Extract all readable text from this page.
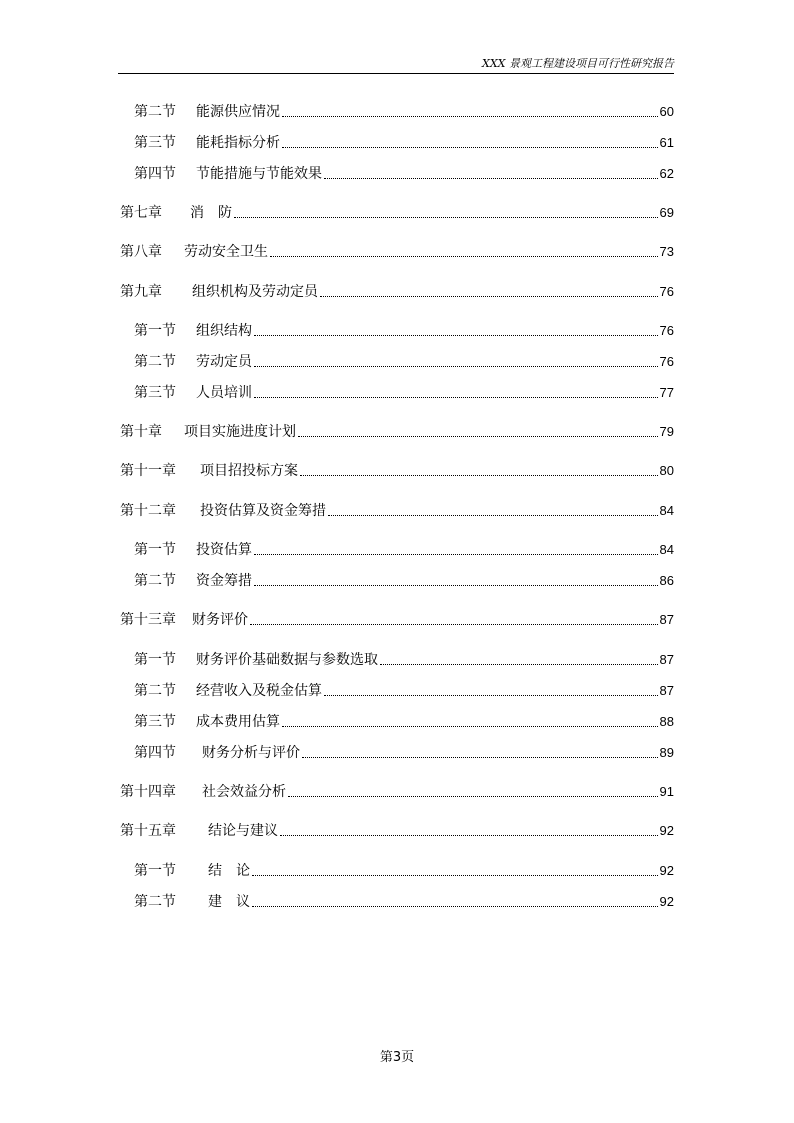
XXX 景观工程建设项目可行性研究报告
第二节	能源供应情况	60
第三节	能耗指标分析	61
第四节	节能措施与节能效果	62
第七章	消　防	69
第八章	劳动安全卫生	73
第九章	组织机构及劳动定员	76
第一节	组织结构	76
第二节	劳动定员	76
第三节	人员培训	77
第十章	项目实施进度计划	79
第十一章	项目招投标方案	80
第十二章	投资估算及资金筹措	84
第一节	投资估算	84
第二节	资金筹措	86
第十三章	财务评价	87
第一节	财务评价基础数据与参数选取	87
第二节	经营收入及税金估算	87
第三节	成本费用估算	88
第四节	财务分析与评价	89
第十四章	社会效益分析	91
第十五章	结论与建议	92
第一节	结　论	92
第二节	建　议	92
第3页
